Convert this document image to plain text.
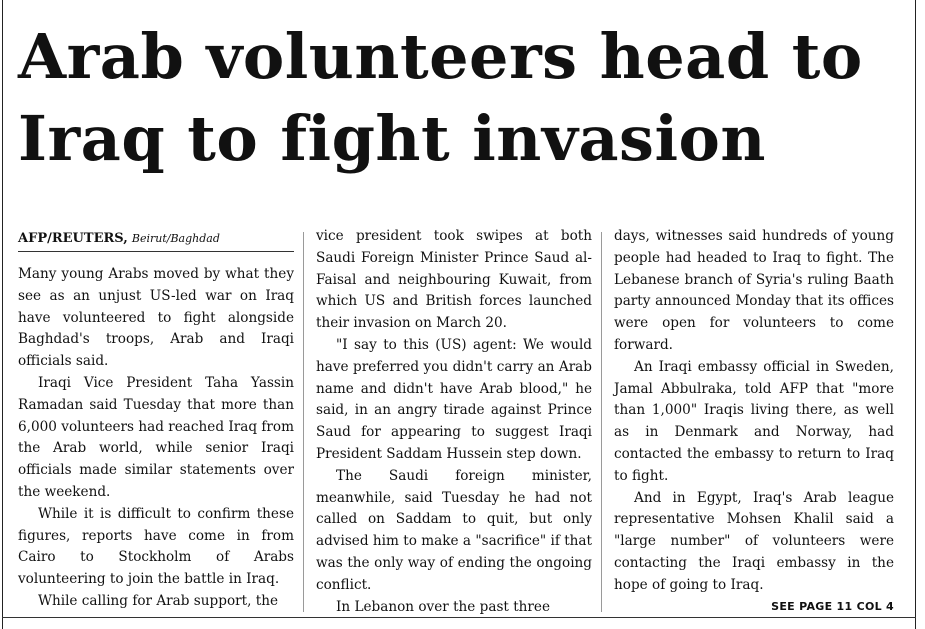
Arab volunteers head to Iraq to fight invasion
AFP/REUTERS, Beirut/Baghdad

Many young Arabs moved by what they see as an unjust US-led war on Iraq have volunteered to fight alongside Baghdad's troops, Arab and Iraqi officials said.

Iraqi Vice President Taha Yassin Ramadan said Tuesday that more than 6,000 volunteers had reached Iraq from the Arab world, while senior Iraqi officials made similar statements over the weekend.

While it is difficult to confirm these figures, reports have come in from Cairo to Stockholm of Arabs volunteering to join the battle in Iraq.

While calling for Arab support, the

vice president took swipes at both Saudi Foreign Minister Prince Saud al-Faisal and neighbouring Kuwait, from which US and British forces launched their invasion on March 20.

"I say to this (US) agent: We would have preferred you didn't carry an Arab name and didn't have Arab blood," he said, in an angry tirade against Prince Saud for appearing to suggest Iraqi President Saddam Hussein step down.

The Saudi foreign minister, meanwhile, said Tuesday he had not called on Saddam to quit, but only advised him to make a "sacrifice" if that was the only way of ending the ongoing conflict.

In Lebanon over the past three

days, witnesses said hundreds of young people had headed to Iraq to fight. The Lebanese branch of Syria's ruling Baath party announced Monday that its offices were open for volunteers to come forward.

An Iraqi embassy official in Sweden, Jamal Abbulraka, told AFP that "more than 1,000" Iraqis living there, as well as in Denmark and Norway, had contacted the embassy to return to Iraq to fight.

And in Egypt, Iraq's Arab league representative Mohsen Khalil said a "large number" of volunteers were contacting the Iraqi embassy in the hope of going to Iraq.

SEE PAGE 11 COL 4
